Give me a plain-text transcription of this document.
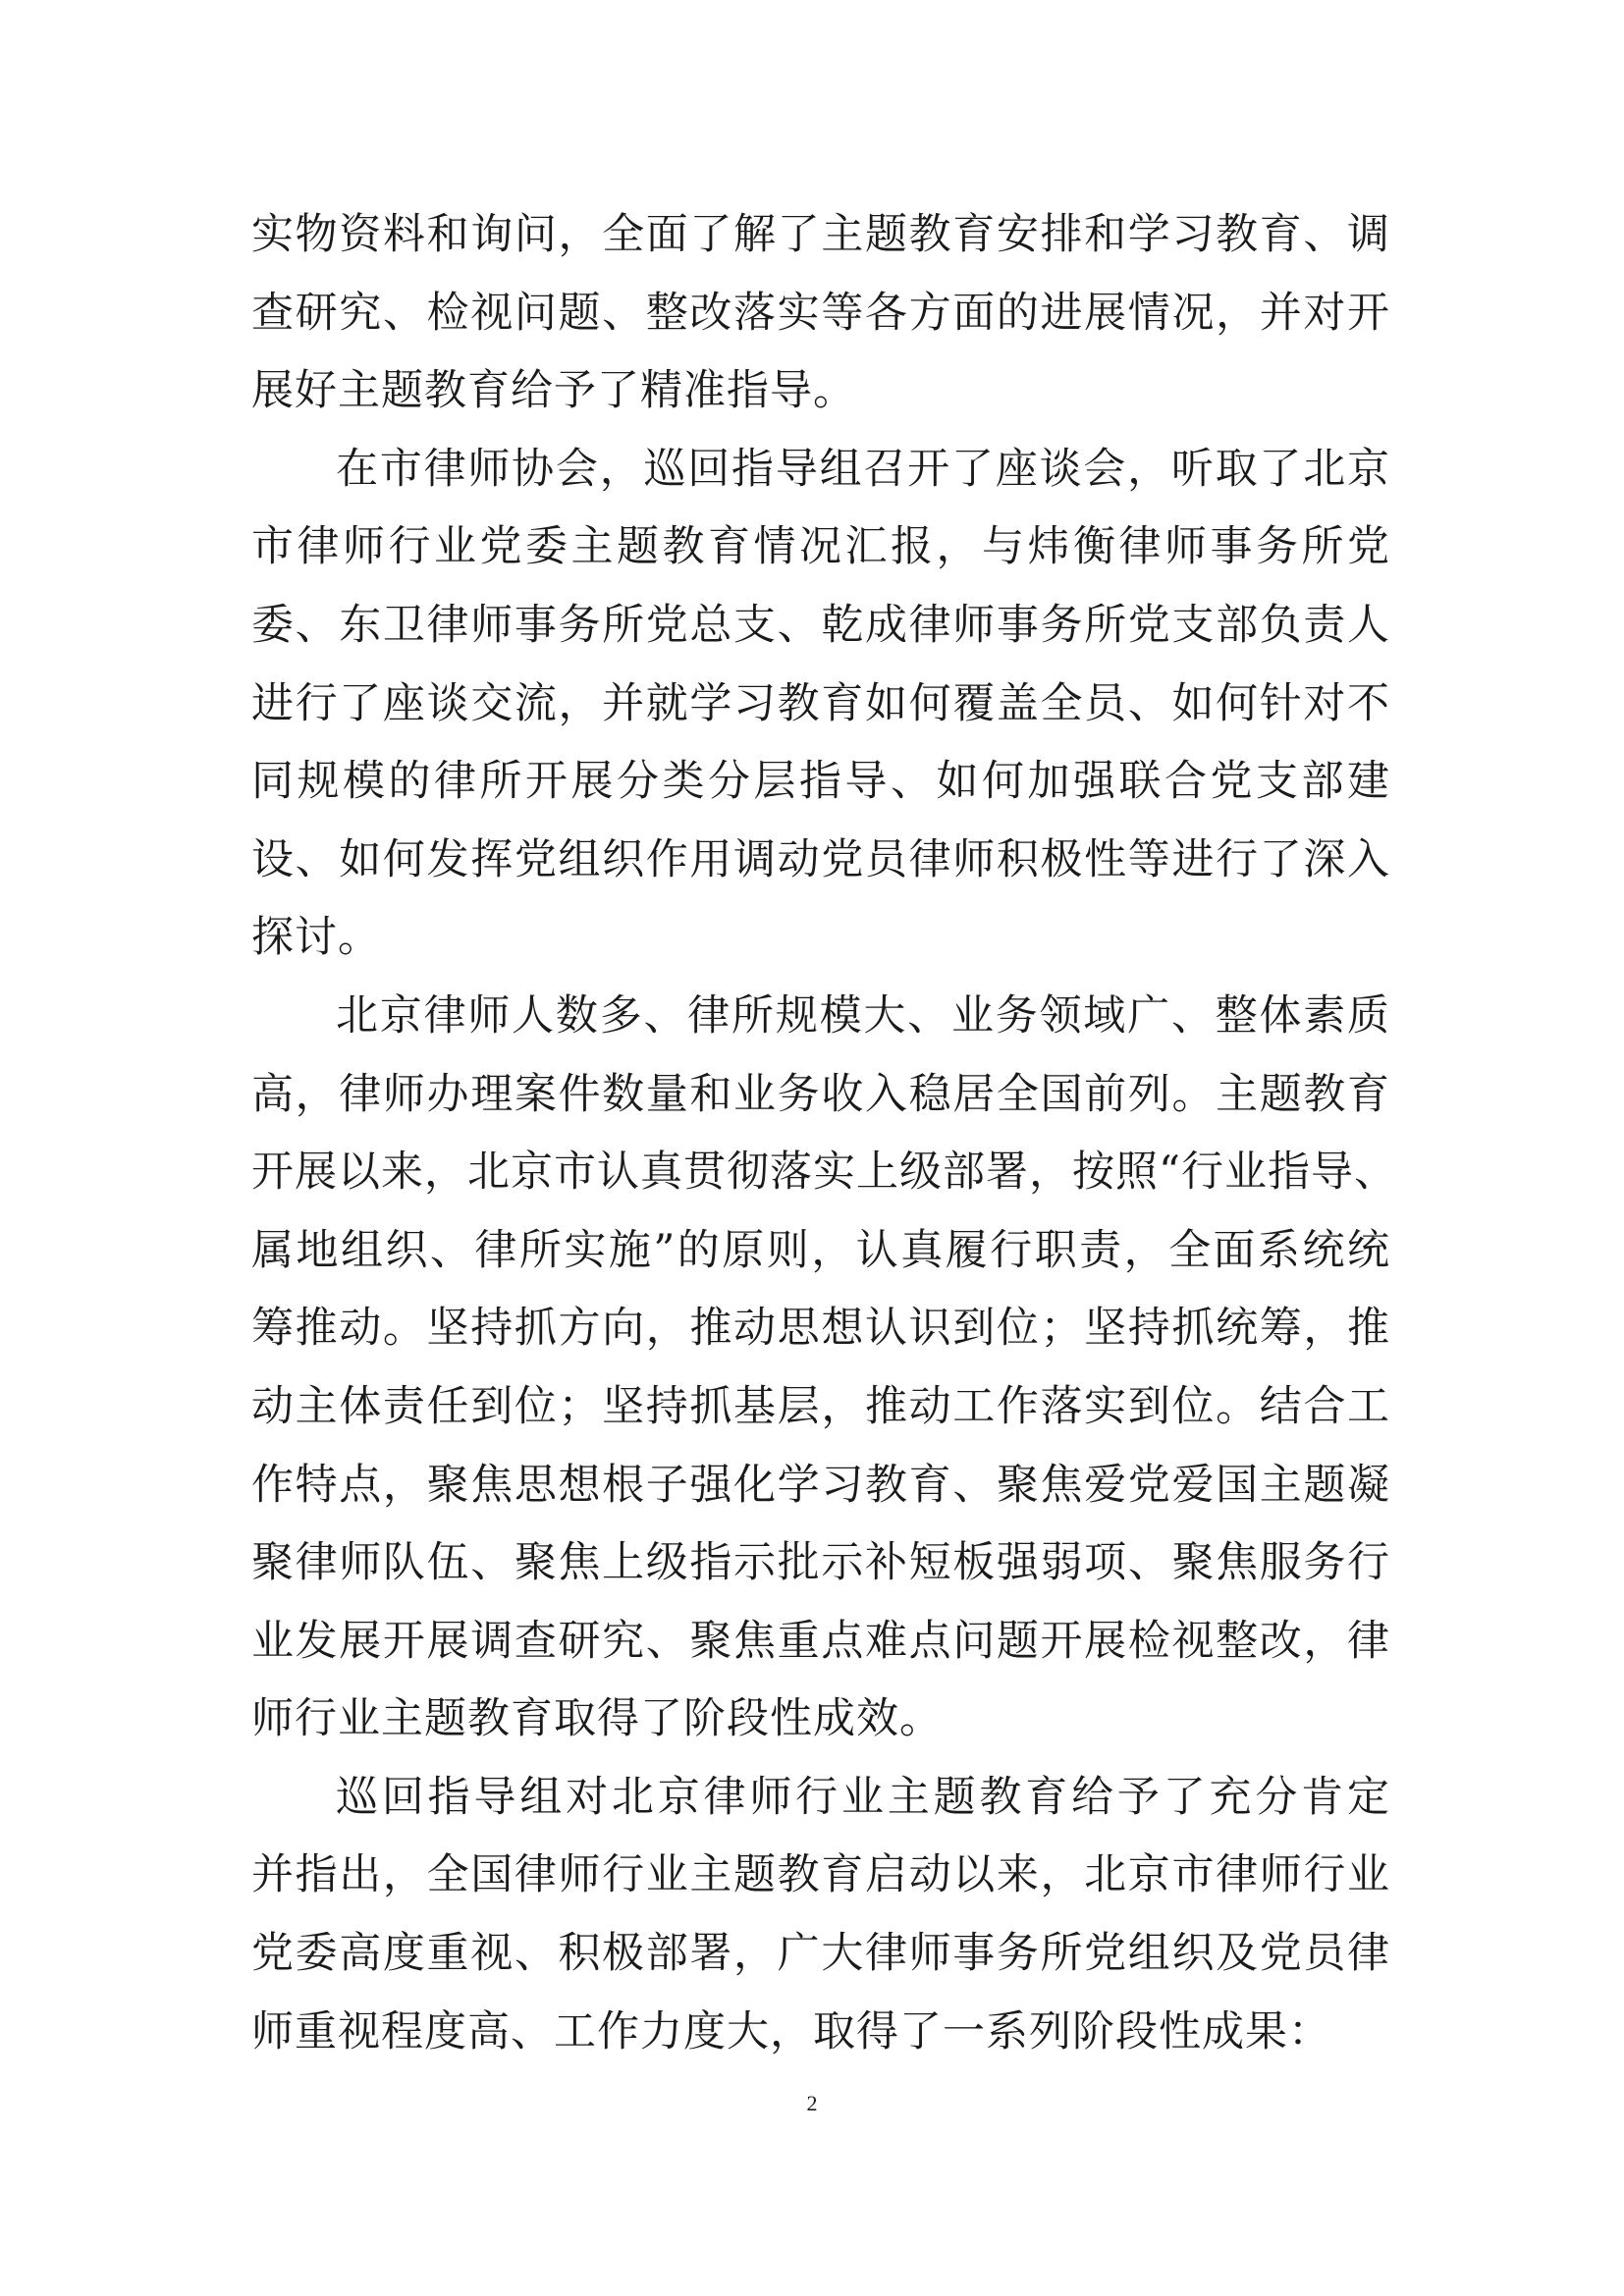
实物资料和询问，全面了解了主题教育安排和学习教育、调
查研究、检视问题、整改落实等各方面的进展情况，并对开
展好主题教育给予了精准指导。
在市律师协会，巡回指导组召开了座谈会，听取了北京
市律师行业党委主题教育情况汇报，与炜衡律师事务所党
委、东卫律师事务所党总支、乾成律师事务所党支部负责人
进行了座谈交流，并就学习教育如何覆盖全员、如何针对不
同规模的律所开展分类分层指导、如何加强联合党支部建
设、如何发挥党组织作用调动党员律师积极性等进行了深入
探讨。
北京律师人数多、律所规模大、业务领域广、整体素质
高，律师办理案件数量和业务收入稳居全国前列。主题教育
开展以来，北京市认真贯彻落实上级部署，按照“行业指导、
属地组织、律所实施”的原则，认真履行职责，全面系统统
筹推动。坚持抓方向，推动思想认识到位；坚持抓统筹，推
动主体责任到位；坚持抓基层，推动工作落实到位。结合工
作特点，聚焦思想根子强化学习教育、聚焦爱党爱国主题凝
聚律师队伍、聚焦上级指示批示补短板强弱项、聚焦服务行
业发展开展调查研究、聚焦重点难点问题开展检视整改，律
师行业主题教育取得了阶段性成效。
巡回指导组对北京律师行业主题教育给予了充分肯定
并指出，全国律师行业主题教育启动以来，北京市律师行业
党委高度重视、积极部署，广大律师事务所党组织及党员律
师重视程度高、工作力度大，取得了一系列阶段性成果：
2
